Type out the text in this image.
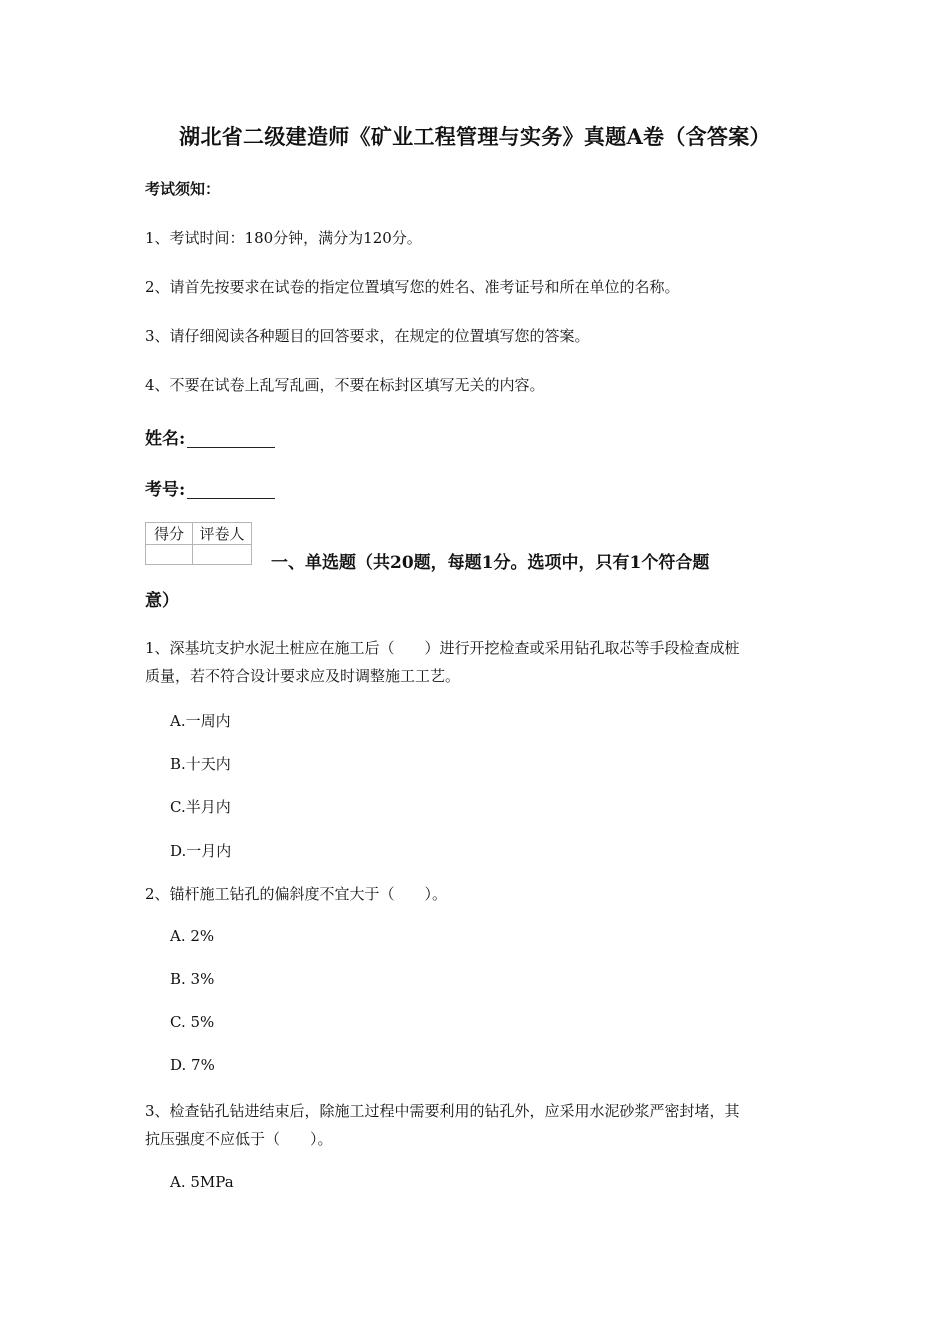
湖北省二级建造师《矿业工程管理与实务》真题A卷（含答案）
考试须知：
1、考试时间：180分钟，满分为120分。
2、请首先按要求在试卷的指定位置填写您的姓名、准考证号和所在单位的名称。
3、请仔细阅读各种题目的回答要求，在规定的位置填写您的答案。
4、不要在试卷上乱写乱画，不要在标封区填写无关的内容。
姓名:
考号:
得分	评卷人

一、单选题（共20题，每题1分。选项中，只有1个符合题
意）
1、深基坑支护水泥土桩应在施工后（　　）进行开挖检查或采用钻孔取芯等手段检查成桩
质量，若不符合设计要求应及时调整施工工艺。
A.一周内
B.十天内
C.半月内
D.一月内
2、锚杆施工钻孔的偏斜度不宜大于（　　）。
A. 2%
B. 3%
C. 5%
D. 7%
3、检查钻孔钻进结束后，除施工过程中需要利用的钻孔外，应采用水泥砂浆严密封堵，其
抗压强度不应低于（　　）。
A. 5MPa
